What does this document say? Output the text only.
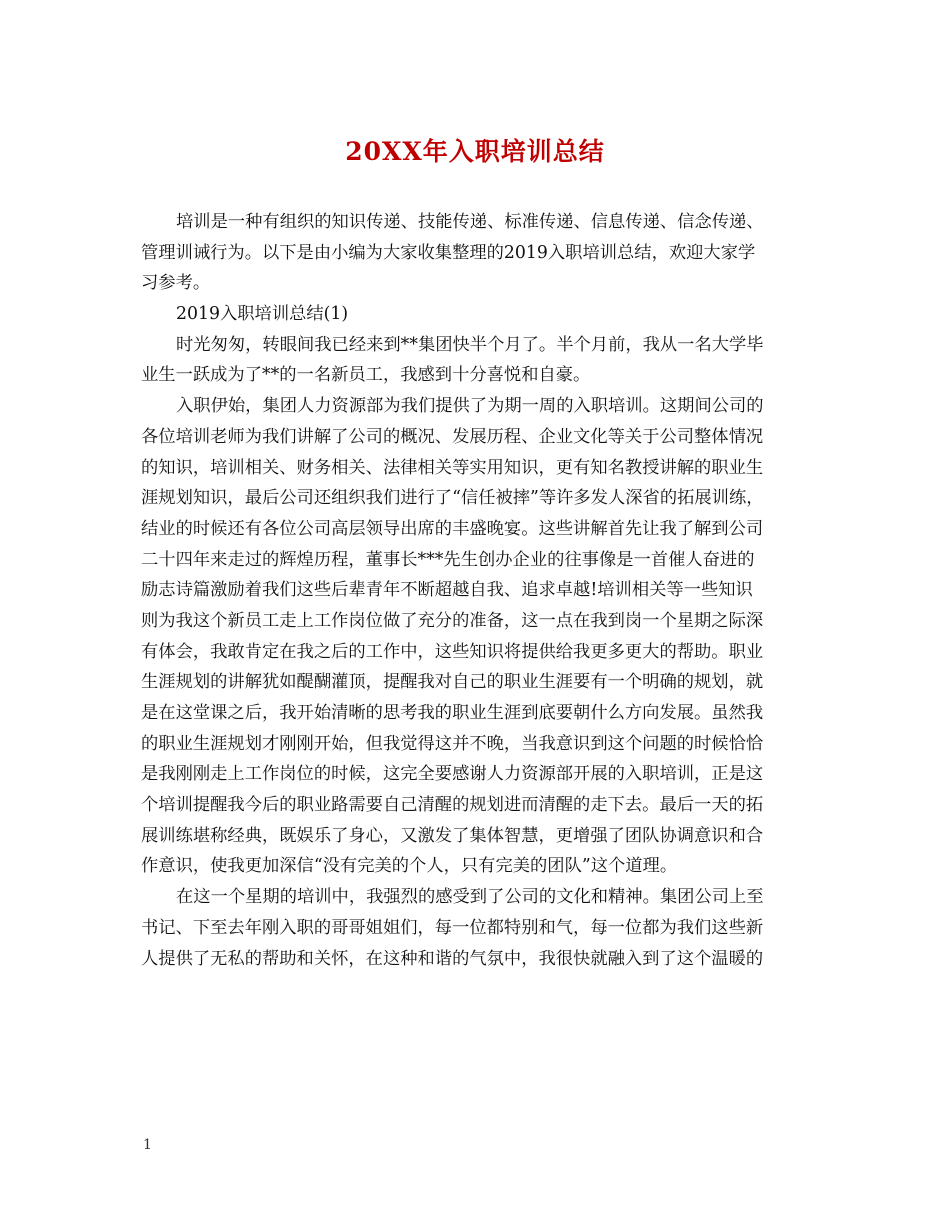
20XX年入职培训总结
培训是一种有组织的知识传递、技能传递、标准传递、信息传递、信念传递、
管理训诫行为。以下是由小编为大家收集整理的2019入职培训总结，欢迎大家学
习参考。
2019入职培训总结(1)
时光匆匆，转眼间我已经来到**集团快半个月了。半个月前，我从一名大学毕
业生一跃成为了**的一名新员工，我感到十分喜悦和自豪。
入职伊始，集团人力资源部为我们提供了为期一周的入职培训。这期间公司的
各位培训老师为我们讲解了公司的概况、发展历程、企业文化等关于公司整体情况
的知识，培训相关、财务相关、法律相关等实用知识，更有知名教授讲解的职业生
涯规划知识，最后公司还组织我们进行了“信任被摔”等许多发人深省的拓展训练，
结业的时候还有各位公司高层领导出席的丰盛晚宴。这些讲解首先让我了解到公司
二十四年来走过的辉煌历程，董事长***先生创办企业的往事像是一首催人奋进的
励志诗篇激励着我们这些后辈青年不断超越自我、追求卓越!培训相关等一些知识
则为我这个新员工走上工作岗位做了充分的准备，这一点在我到岗一个星期之际深
有体会，我敢肯定在我之后的工作中，这些知识将提供给我更多更大的帮助。职业
生涯规划的讲解犹如醍醐灌顶，提醒我对自己的职业生涯要有一个明确的规划，就
是在这堂课之后，我开始清晰的思考我的职业生涯到底要朝什么方向发展。虽然我
的职业生涯规划才刚刚开始，但我觉得这并不晚，当我意识到这个问题的时候恰恰
是我刚刚走上工作岗位的时候，这完全要感谢人力资源部开展的入职培训，正是这
个培训提醒我今后的职业路需要自己清醒的规划进而清醒的走下去。最后一天的拓
展训练堪称经典，既娱乐了身心，又激发了集体智慧，更增强了团队协调意识和合
作意识，使我更加深信“没有完美的个人，只有完美的团队”这个道理。
在这一个星期的培训中，我强烈的感受到了公司的文化和精神。集团公司上至
书记、下至去年刚入职的哥哥姐姐们，每一位都特别和气，每一位都为我们这些新
人提供了无私的帮助和关怀，在这种和谐的气氛中，我很快就融入到了这个温暖的
1
